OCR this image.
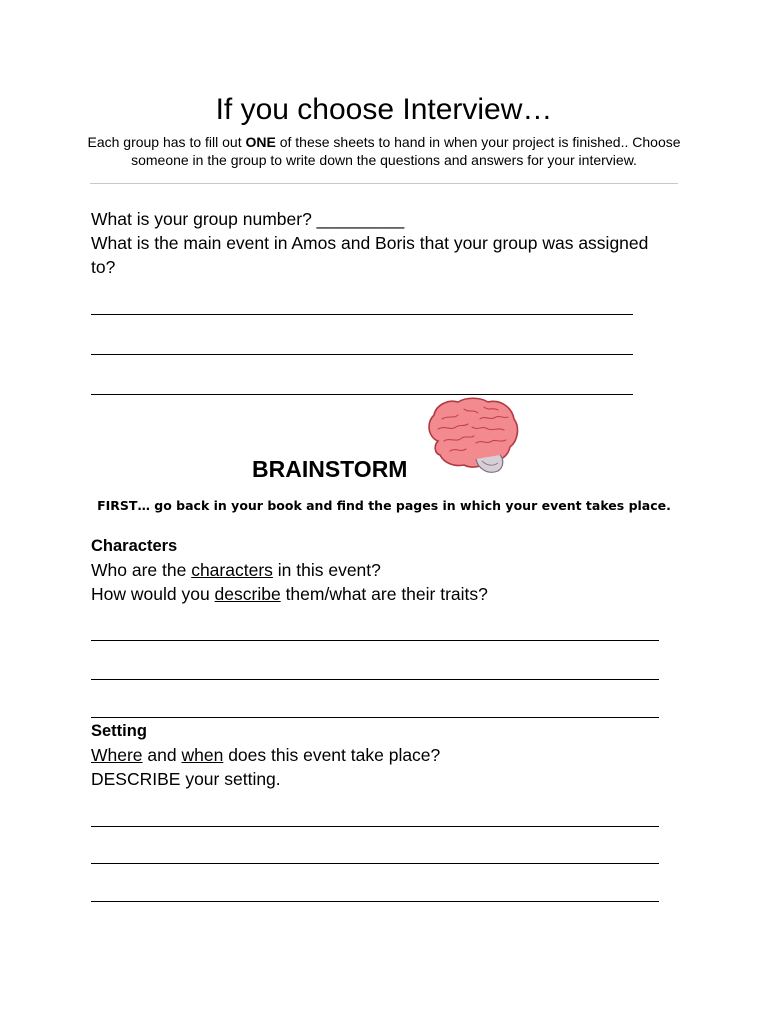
If you choose Interview…
Each group has to fill out ONE of these sheets to hand in when your project is finished.. Choose someone in the group to write down the questions and answers for your interview.
What is your group number? _________
What is the main event in Amos and Boris that your group was assigned to?
BRAINSTORM
FIRST… go back in your book and find the pages in which your event takes place.
Characters
Who are the characters in this event?
How would you describe them/what are their traits?
Setting
Where and when does this event take place?
DESCRIBE your setting.
